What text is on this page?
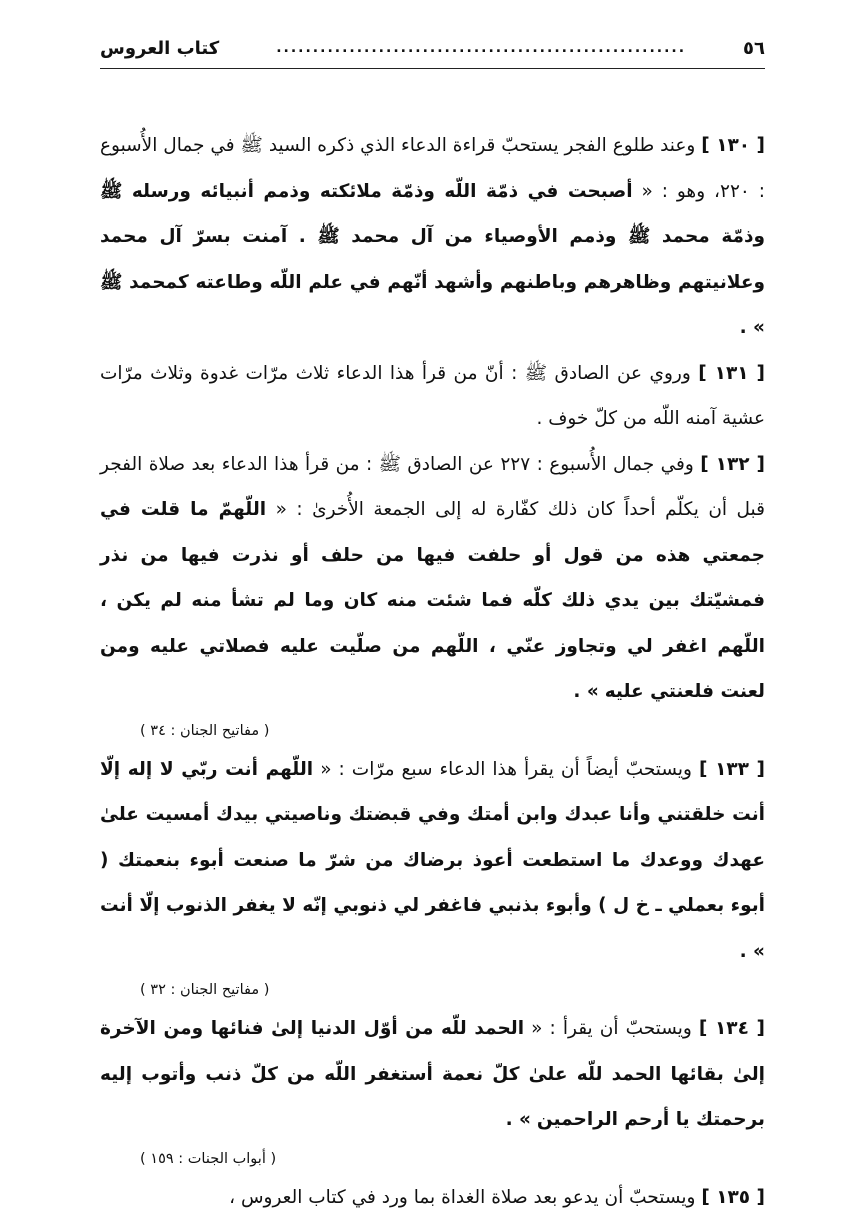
٥٦
........................................................
كتاب العروس

[ ١٣٠ ] وعند طلوع الفجر يستحبّ قراءة الدعاء الذي ذكره السيد ﷺ في جمال الأُسبوع : ٢٢٠، وهو : « أصبحت في ذمّة اللّه وذمّة ملائكته وذمم أنبيائه ورسله ﷺ وذمّة محمد ﷺ وذمم الأوصياء من آل محمد ﷺ . آمنت بسرّ آل محمد وعلانيتهم وظاهرهم وباطنهم وأشهد أنّهم في علم اللّه وطاعته كمحمد ﷺ » .

[ ١٣١ ] وروي عن الصادق ﷺ : أنّ من قرأ هذا الدعاء ثلاث مرّات غدوة وثلاث مرّات عشية آمنه اللّه من كلّ خوف .

[ ١٣٢ ] وفي جمال الأُسبوع : ٢٢٧ عن الصادق ﷺ : من قرأ هذا الدعاء بعد صلاة الفجر قبل أن يكلّم أحداً كان ذلك كفّارة له إلى الجمعة الأُخرىٰ : « اللّهمّ ما قلت في جمعتي هذه من قول أو حلفت فيها من حلف أو نذرت فيها من نذر فمشيّتك بين يدي ذلك كلّه فما شئت منه كان وما لم تشأ منه لم يكن ، اللّهم اغفر لي وتجاوز عنّي ، اللّهم من صلّيت عليه فصلاتي عليه ومن لعنت فلعنتي عليه » .

( مفاتيح الجنان : ٣٤ )

[ ١٣٣ ] ويستحبّ أيضاً أن يقرأ هذا الدعاء سبع مرّات : « اللّهم أنت ربّي لا إله إلّا أنت خلقتني وأنا عبدك وابن أمتك وفي قبضتك وناصيتي بيدك أمسيت علىٰ عهدك ووعدك ما استطعت أعوذ برضاك من شرّ ما صنعت أبوء بنعمتك ( أبوء بعملي ـ خ ل ) وأبوء بذنبي فاغفر لي ذنوبي إنّه لا يغفر الذنوب إلّا أنت » .

( مفاتيح الجنان : ٣٢ )

[ ١٣٤ ] ويستحبّ أن يقرأ : « الحمد للّه من أوّل الدنيا إلىٰ فنائها ومن الآخرة إلىٰ بقائها الحمد للّه علىٰ كلّ نعمة أستغفر اللّه من كلّ ذنب وأتوب إليه برحمتك يا أرحم الراحمين » .

( أبواب الجنات : ١٥٩ )

[ ١٣٥ ] ويستحبّ أن يدعو بعد صلاة الغداة بما ورد في كتاب العروس ،
